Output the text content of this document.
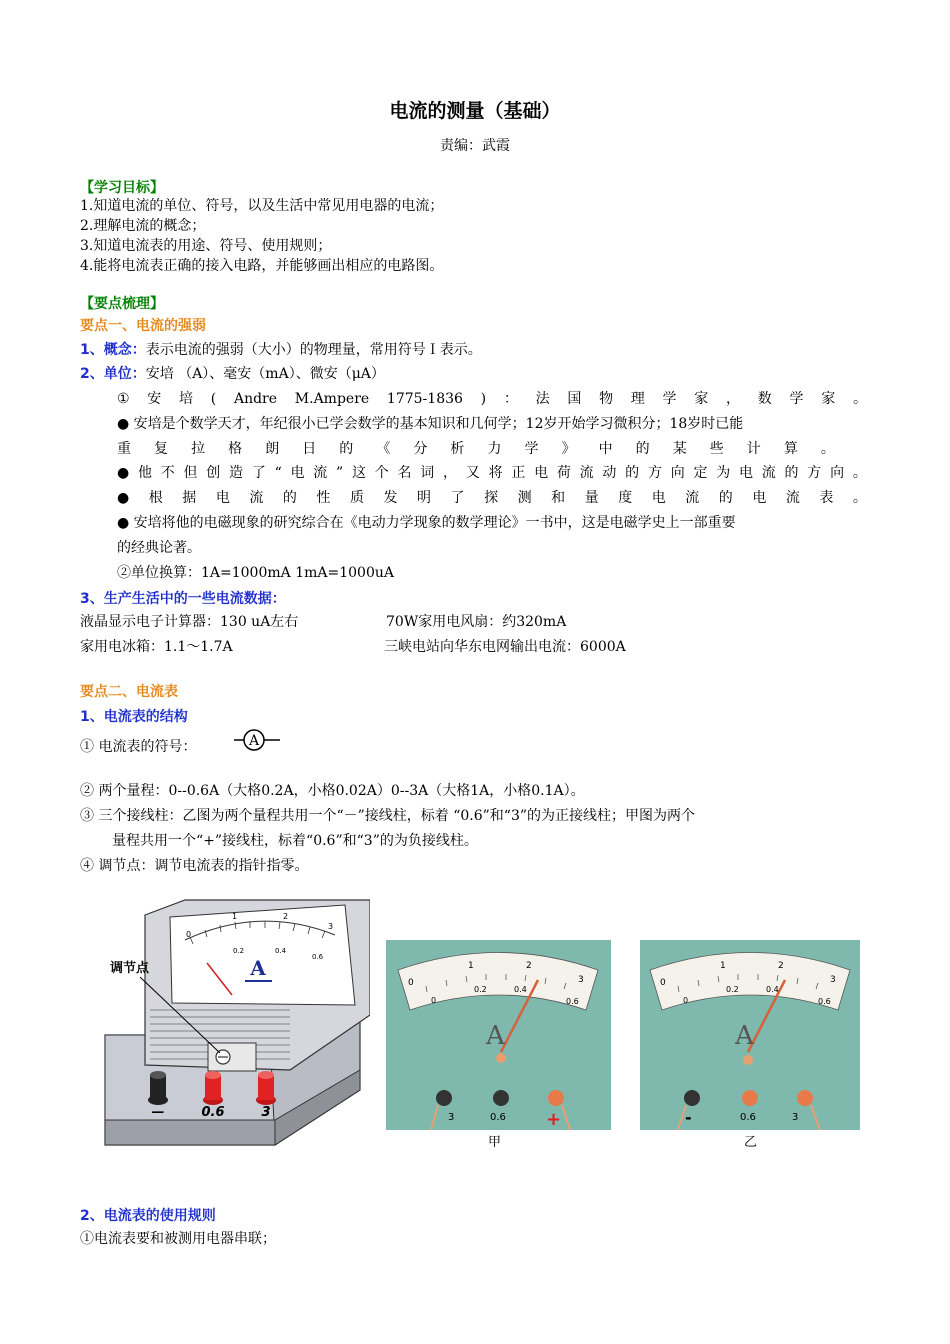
电流的测量（基础）
责编：武霞
【学习目标】
1.知道电流的单位、符号，以及生活中常见用电器的电流；
2.理解电流的概念；
3.知道电流表的用途、符号、使用规则；
4.能将电流表正确的接入电路，并能够画出相应的电路图。
【要点梳理】
要点一、电流的强弱
1、概念：表示电流的强弱（大小）的物理量，常用符号Ｉ表示。
2、单位：安培 （A）、毫安（mA）、微安（μA）
① 安 培 ( Andre M.Ampere 1775-1836 ) ： 法 国 物 理 学 家 ， 数 学 家 。
● 安培是个数学天才，年纪很小已学会数学的基本知识和几何学；12岁开始学习微积分；18岁时已能
重 复 拉 格 朗 日 的 《 分 析 力 学 》 中 的 某 些 计 算 。
● 他 不 但 创 造 了 “ 电 流 ” 这 个 名 词 ， 又 将 正 电 荷 流 动 的 方 向 定 为 电 流 的 方 向 。
● 根 据 电 流 的 性 质 发 明 了 探 测 和 量 度 电 流 的 电 流 表 。
● 安培将他的电磁现象的研究综合在《电动力学现象的数学理论》一书中，这是电磁学史上一部重要
的经典论著。
②单位换算：1A=1000mA 1mA=1000uA
3、生产生活中的一些电流数据：
液晶显示电子计算器：130 uA左右	70W家用电风扇：约320mA
家用电冰箱：1.1～1.7A	三峡电站向华东电网输出电流：6000A
要点二、电流表
1、电流表的结构
① 电流表的符号：	A
② 两个量程：0--0.6A（大格0.2A，小格0.02A）0--3A（大格1A，小格0.1A）。
③ 三个接线柱：乙图为两个量程共用一个“－”接线柱，标着 “0.6”和“3”的为正接线柱；甲图为两个
量程共用一个“+”接线柱，标着“0.6”和“3”的为负接线柱。
④ 调节点：调节电流表的指针指零。
0
1	2
3
0.2	0.4
0.6
A
调节点
—	0.6	3
0
1	2
3
0
0.2	0.4
0.6
A
3	0.6 +
甲
0
1	2
3
0
0.2	0.4
0.6
A
-	0.6	3
乙
2、电流表的使用规则
①电流表要和被测用电器串联；
